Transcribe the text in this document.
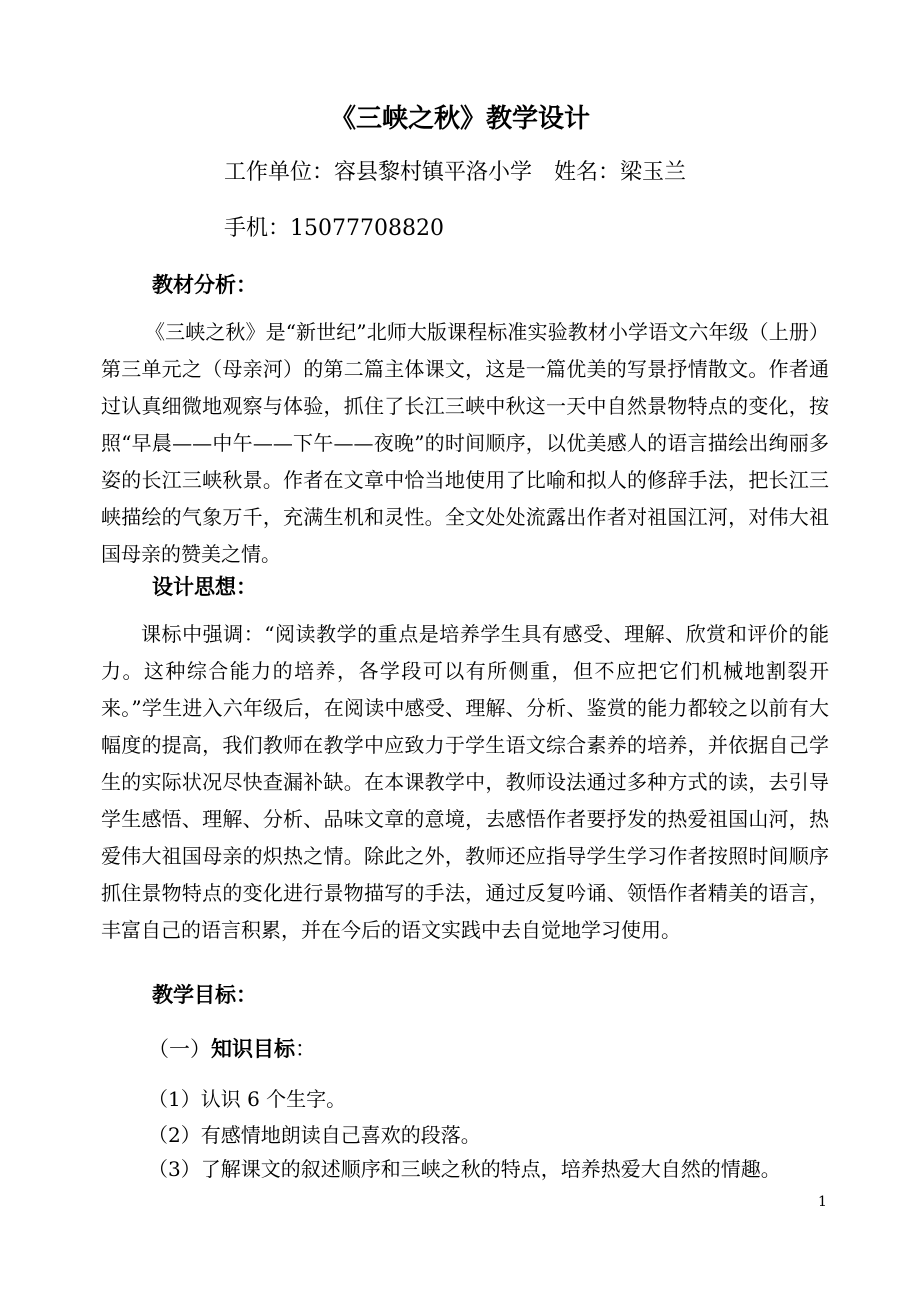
《三峡之秋》教学设计
工作单位：容县黎村镇平洛小学 姓名：梁玉兰
手机：15077708820
教材分析：

《三峡之秋》是“新世纪”北师大版课程标准实验教材小学语文六年级（上册）第三单元之（母亲河）的第二篇主体课文，这是一篇优美的写景抒情散文。作者通过认真细微地观察与体验，抓住了长江三峡中秋这一天中自然景物特点的变化，按照“早晨——中午——下午——夜晚”的时间顺序，以优美感人的语言描绘出绚丽多姿的长江三峡秋景。作者在文章中恰当地使用了比喻和拟人的修辞手法，把长江三峡描绘的气象万千，充满生机和灵性。全文处处流露出作者对祖国江河，对伟大祖国母亲的赞美之情。

设计思想：

课标中强调：“阅读教学的重点是培养学生具有感受、理解、欣赏和评价的能力。这种综合能力的培养，各学段可以有所侧重，但不应把它们机械地割裂开来。”学生进入六年级后，在阅读中感受、理解、分析、鉴赏的能力都较之以前有大幅度的提高，我们教师在教学中应致力于学生语文综合素养的培养，并依据自己学生的实际状况尽快查漏补缺。在本课教学中，教师设法通过多种方式的读，去引导学生感悟、理解、分析、品味文章的意境，去感悟作者要抒发的热爱祖国山河，热爱伟大祖国母亲的炽热之情。除此之外，教师还应指导学生学习作者按照时间顺序抓住景物特点的变化进行景物描写的手法，通过反复吟诵、领悟作者精美的语言，丰富自己的语言积累，并在今后的语文实践中去自觉地学习使用。

教学目标：
（一）知识目标：
（1）认识 6 个生字。
（2）有感情地朗读自己喜欢的段落。
（3）了解课文的叙述顺序和三峡之秋的特点，培养热爱大自然的情趣。
1
